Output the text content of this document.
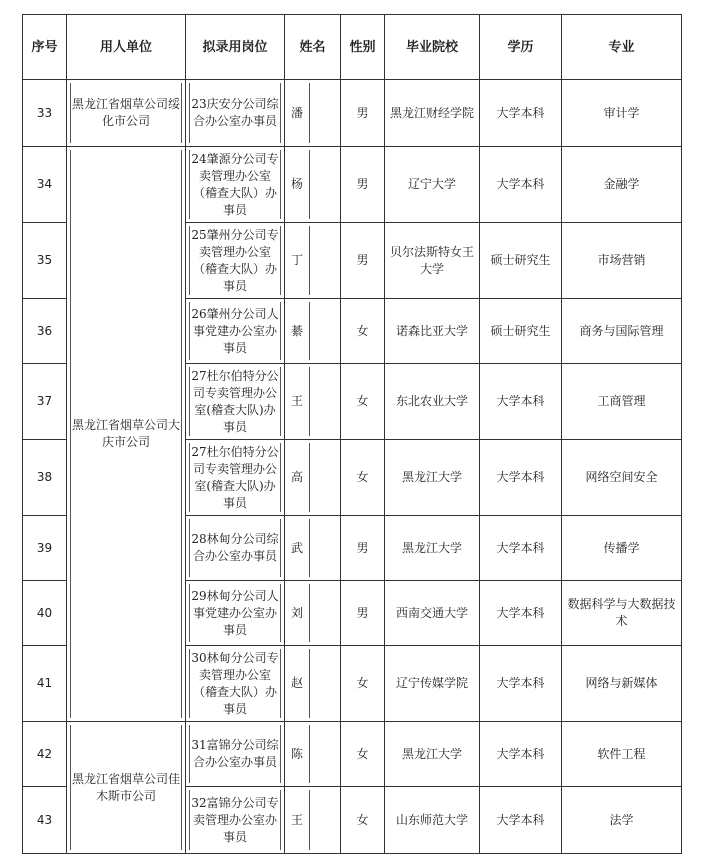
序号	用人单位	拟录用岗位	姓名	性别	毕业院校	学历	专业
33	黑龙江省烟草公司绥化市公司	23庆安分公司综合办公室办事员	潘	男	黑龙江财经学院	大学本科	审计学
34	黑龙江省烟草公司大庆市公司	24肇源分公司专卖管理办公室（稽查大队）办事员	杨	男	辽宁大学	大学本科	金融学
35		25肇州分公司专卖管理办公室（稽查大队）办事员	丁	男	贝尔法斯特女王大学	硕士研究生	市场营销
36		26肇州分公司人事党建办公室办事员	綦	女	诺森比亚大学	硕士研究生	商务与国际管理
37		27杜尔伯特分公司专卖管理办公室(稽查大队)办事员	王	女	东北农业大学	大学本科	工商管理
38		27杜尔伯特分公司专卖管理办公室(稽查大队)办事员	高	女	黑龙江大学	大学本科	网络空间安全
39		28林甸分公司综合办公室办事员	武	男	黑龙江大学	大学本科	传播学
40		29林甸分公司人事党建办公室办事员	刘	男	西南交通大学	大学本科	数据科学与大数据技术
41		30林甸分公司专卖管理办公室（稽查大队）办事员	赵	女	辽宁传媒学院	大学本科	网络与新媒体
42	黑龙江省烟草公司佳木斯市公司	31富锦分公司综合办公室办事员	陈	女	黑龙江大学	大学本科	软件工程
43		32富锦分公司专卖管理办公室办事员	王	女	山东师范大学	大学本科	法学
